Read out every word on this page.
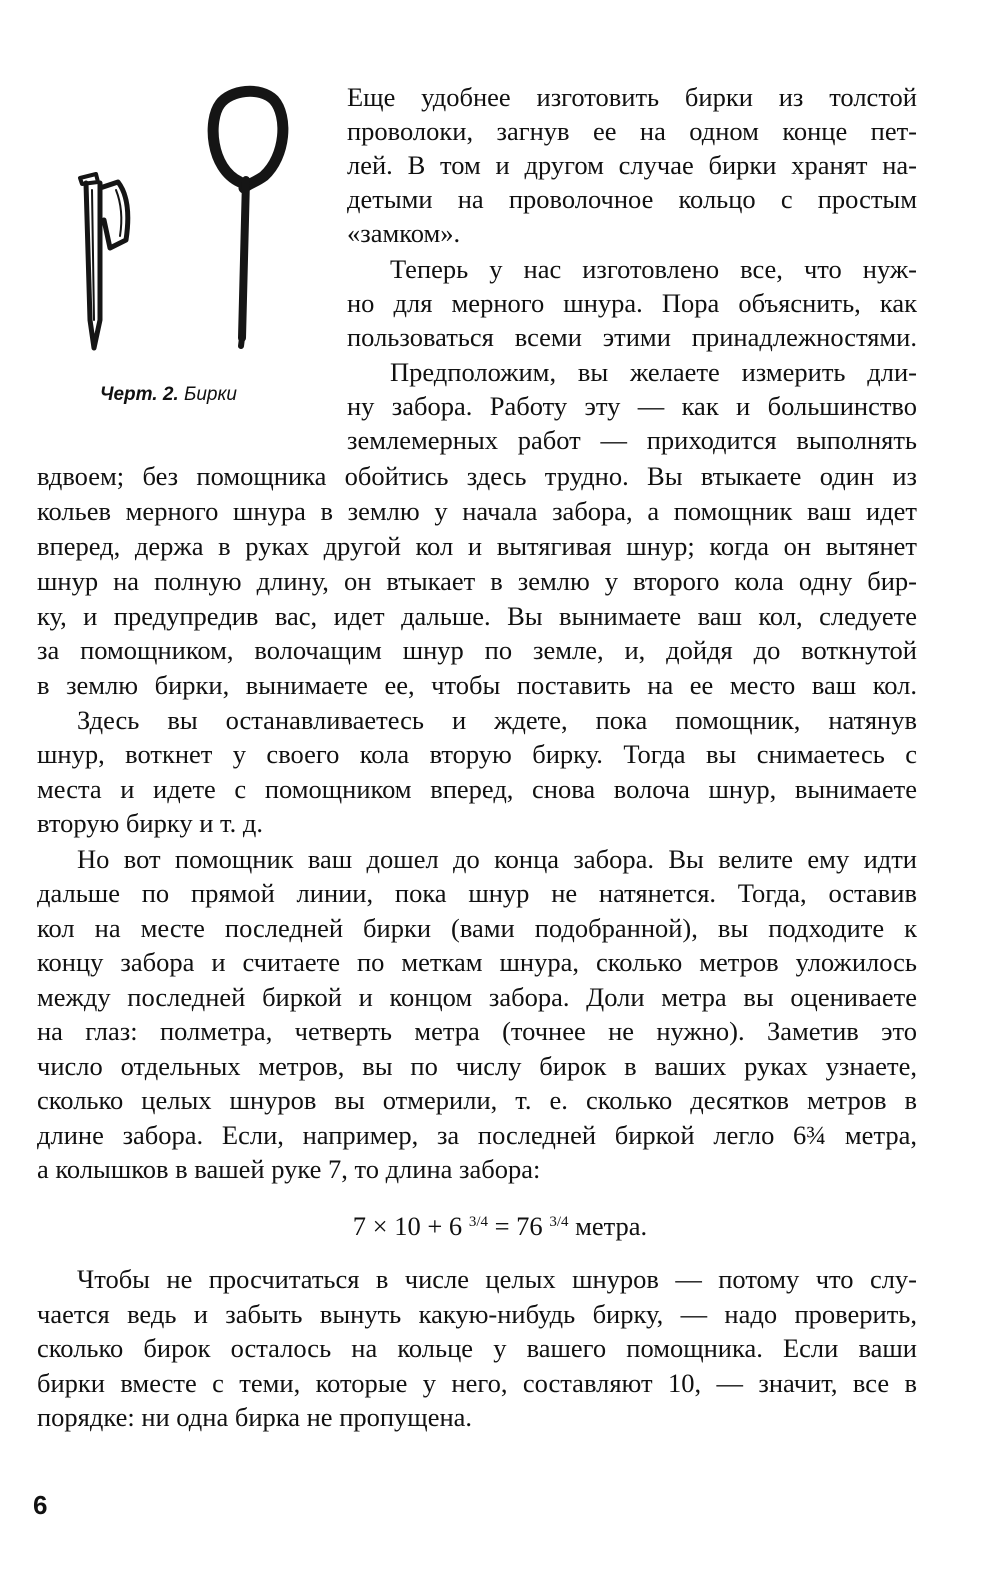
Черт. 2. Бирки
Еще удобнее изготовить бирки из толстой
проволоки, загнув ее на одном конце пет-
лей. В том и другом случае бирки хранят на-
детыми на проволочное кольцо с простым
«замком».
Теперь у нас изготовлено все, что нуж-
но для мерного шнура. Пора объяснить, как
пользоваться всеми этими принадлежностями.
Предположим, вы желаете измерить дли-
ну забора. Работу эту — как и большинство
землемерных работ — приходится выполнять
вдвоем; без помощника обойтись здесь трудно. Вы втыкаете один из
кольев мерного шнура в землю у начала забора, а помощник ваш идет
вперед, держа в руках другой кол и вытягивая шнур; когда он вытянет
шнур на полную длину, он втыкает в землю у второго кола одну бир-
ку, и предупредив вас, идет дальше. Вы вынимаете ваш кол, следуете
за помощником, волочащим шнур по земле, и, дойдя до воткнутой
в землю бирки, вынимаете ее, чтобы поставить на ее место ваш кол.
Здесь вы останавливаетесь и ждете, пока помощник, натянув
шнур, воткнет у своего кола вторую бирку. Тогда вы снимаетесь с
места и идете с помощником вперед, снова волоча шнур, вынимаете
вторую бирку и т. д.
Но вот помощник ваш дошел до конца забора. Вы велите ему идти
дальше по прямой линии, пока шнур не натянется. Тогда, оставив
кол на месте последней бирки (вами подобранной), вы подходите к
концу забора и считаете по меткам шнура, сколько метров уложилось
между последней биркой и концом забора. Доли метра вы оцениваете
на глаз: полметра, четверть метра (точнее не нужно). Заметив это
число отдельных метров, вы по числу бирок в ваших руках узнаете,
сколько целых шнуров вы отмерили, т. е. сколько десятков метров в
длине забора. Если, например, за последней биркой легло 6¾ метра,
а колышков в вашей руке 7, то длина забора:
7 × 10 + 6 $^{3/4}$ = 76 $^{3/4}$ метра.
Чтобы не просчитаться в числе целых шнуров — потому что слу-
чается ведь и забыть вынуть какую-нибудь бирку, — надо проверить,
сколько бирок осталось на кольце у вашего помощника. Если ваши
бирки вместе с теми, которые у него, составляют 10, — значит, все в
порядке: ни одна бирка не пропущена.
6
